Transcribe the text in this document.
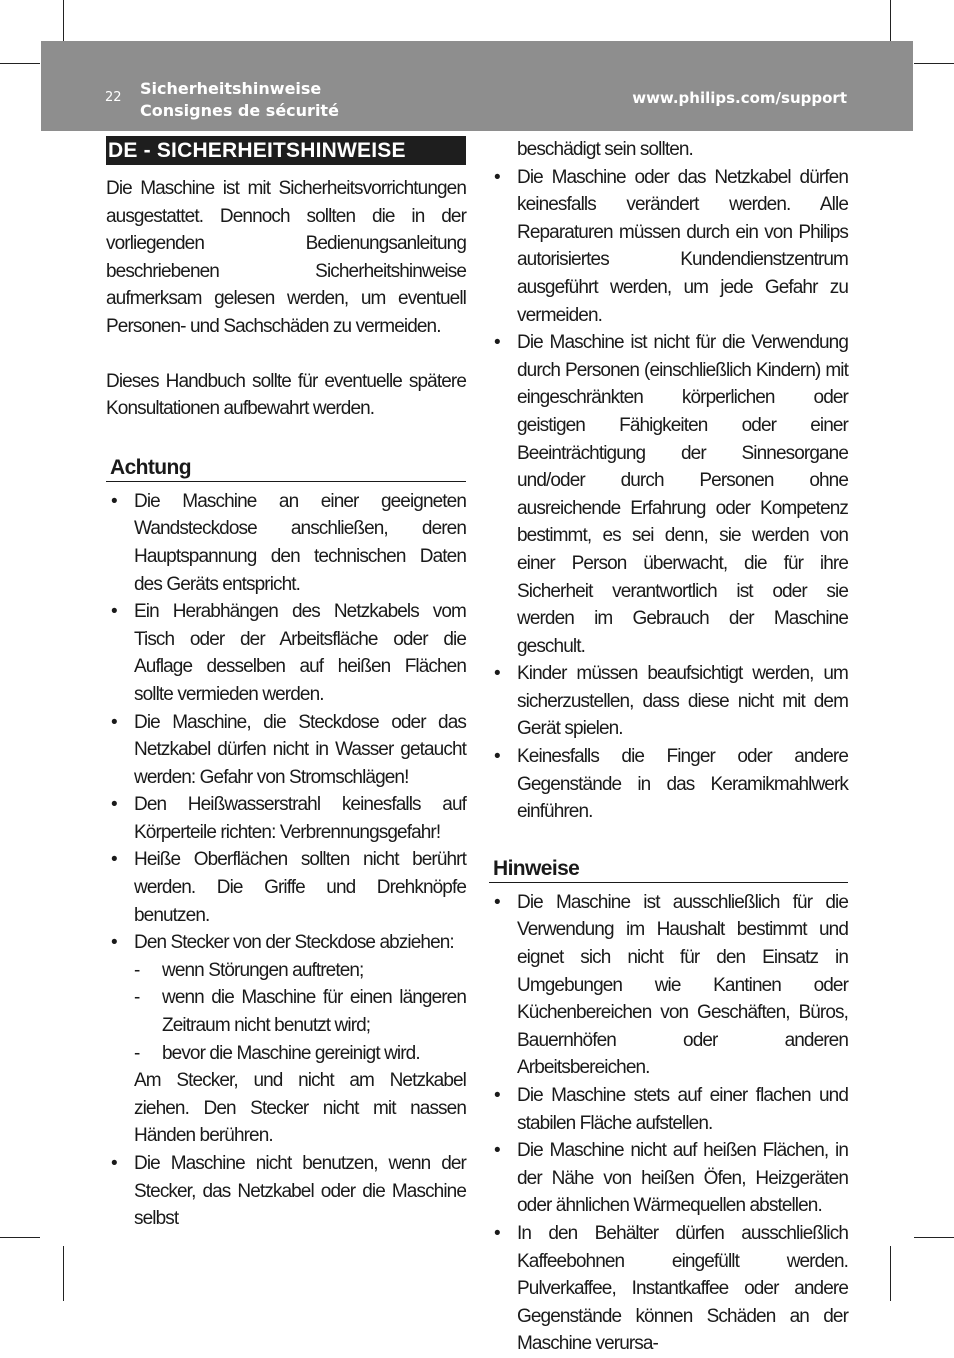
22 Sicherheitshinweise
Consignes de sécurité
www.philips.com/support
DE - SICHERHEITSHINWEISE

Die Maschine ist mit Sicherheitsvorrichtungen ausgestattet. Dennoch sollten die in der vorliegenden Bedienungsanleitung beschriebenen Sicherheitshinweise aufmerksam gelesen werden, um eventuell Personen- und Sachschäden zu vermeiden.

Dieses Handbuch sollte für eventuelle spätere Konsultationen aufbewahrt werden.

Achtung
• Die Maschine an einer geeigneten Wandsteckdose anschließen, deren Hauptspannung den technischen Daten des Geräts entspricht.
• Ein Herabhängen des Netzkabels vom Tisch oder der Arbeitsfläche oder die Auflage desselben auf heißen Flächen sollte vermieden werden.
• Die Maschine, die Steckdose oder das Netzkabel dürfen nicht in Wasser getaucht werden: Gefahr von Stromschlägen!
• Den Heißwasserstrahl keinesfalls auf Körperteile richten: Verbrennungsgefahr!
• Heiße Oberflächen sollten nicht berührt werden. Die Griffe und Drehknöpfe benutzen.
• Den Stecker von der Steckdose abziehen:
- wenn Störungen auftreten;
- wenn die Maschine für einen längeren Zeitraum nicht benutzt wird;
- bevor die Maschine gereinigt wird.
Am Stecker, und nicht am Netzkabel ziehen. Den Stecker nicht mit nassen Händen berühren.
• Die Maschine nicht benutzen, wenn der Stecker, das Netzkabel oder die Maschine selbst
beschädigt sein sollten.
• Die Maschine oder das Netzkabel dürfen keinesfalls verändert werden. Alle Reparaturen müssen durch ein von Philips autorisiertes Kundendienstzentrum ausgeführt werden, um jede Gefahr zu vermeiden.
• Die Maschine ist nicht für die Verwendung durch Personen (einschließlich Kindern) mit eingeschränkten körperlichen oder geistigen Fähigkeiten oder einer Beeinträchtigung der Sinnesorgane und/oder durch Personen ohne ausreichende Erfahrung oder Kompetenz bestimmt, es sei denn, sie werden von einer Person überwacht, die für ihre Sicherheit verantwortlich ist oder sie werden im Gebrauch der Maschine geschult.
• Kinder müssen beaufsichtigt werden, um sicherzustellen, dass diese nicht mit dem Gerät spielen.
• Keinesfalls die Finger oder andere Gegenstände in das Keramikmahlwerk einführen.
Hinweise
• Die Maschine ist ausschließlich für die Verwendung im Haushalt bestimmt und eignet sich nicht für den Einsatz in Umgebungen wie Kantinen oder Küchenbereichen von Geschäften, Büros, Bauernhöfen oder anderen Arbeitsbereichen.
• Die Maschine stets auf einer flachen und stabilen Fläche aufstellen.
• Die Maschine nicht auf heißen Flächen, in der Nähe von heißen Öfen, Heizgeräten oder ähnlichen Wärmequellen abstellen.
• In den Behälter dürfen ausschließlich Kaffeebohnen eingefüllt werden. Pulverkaffee, Instantkaffee oder andere Gegenstände können Schäden an der Maschine verursa-
